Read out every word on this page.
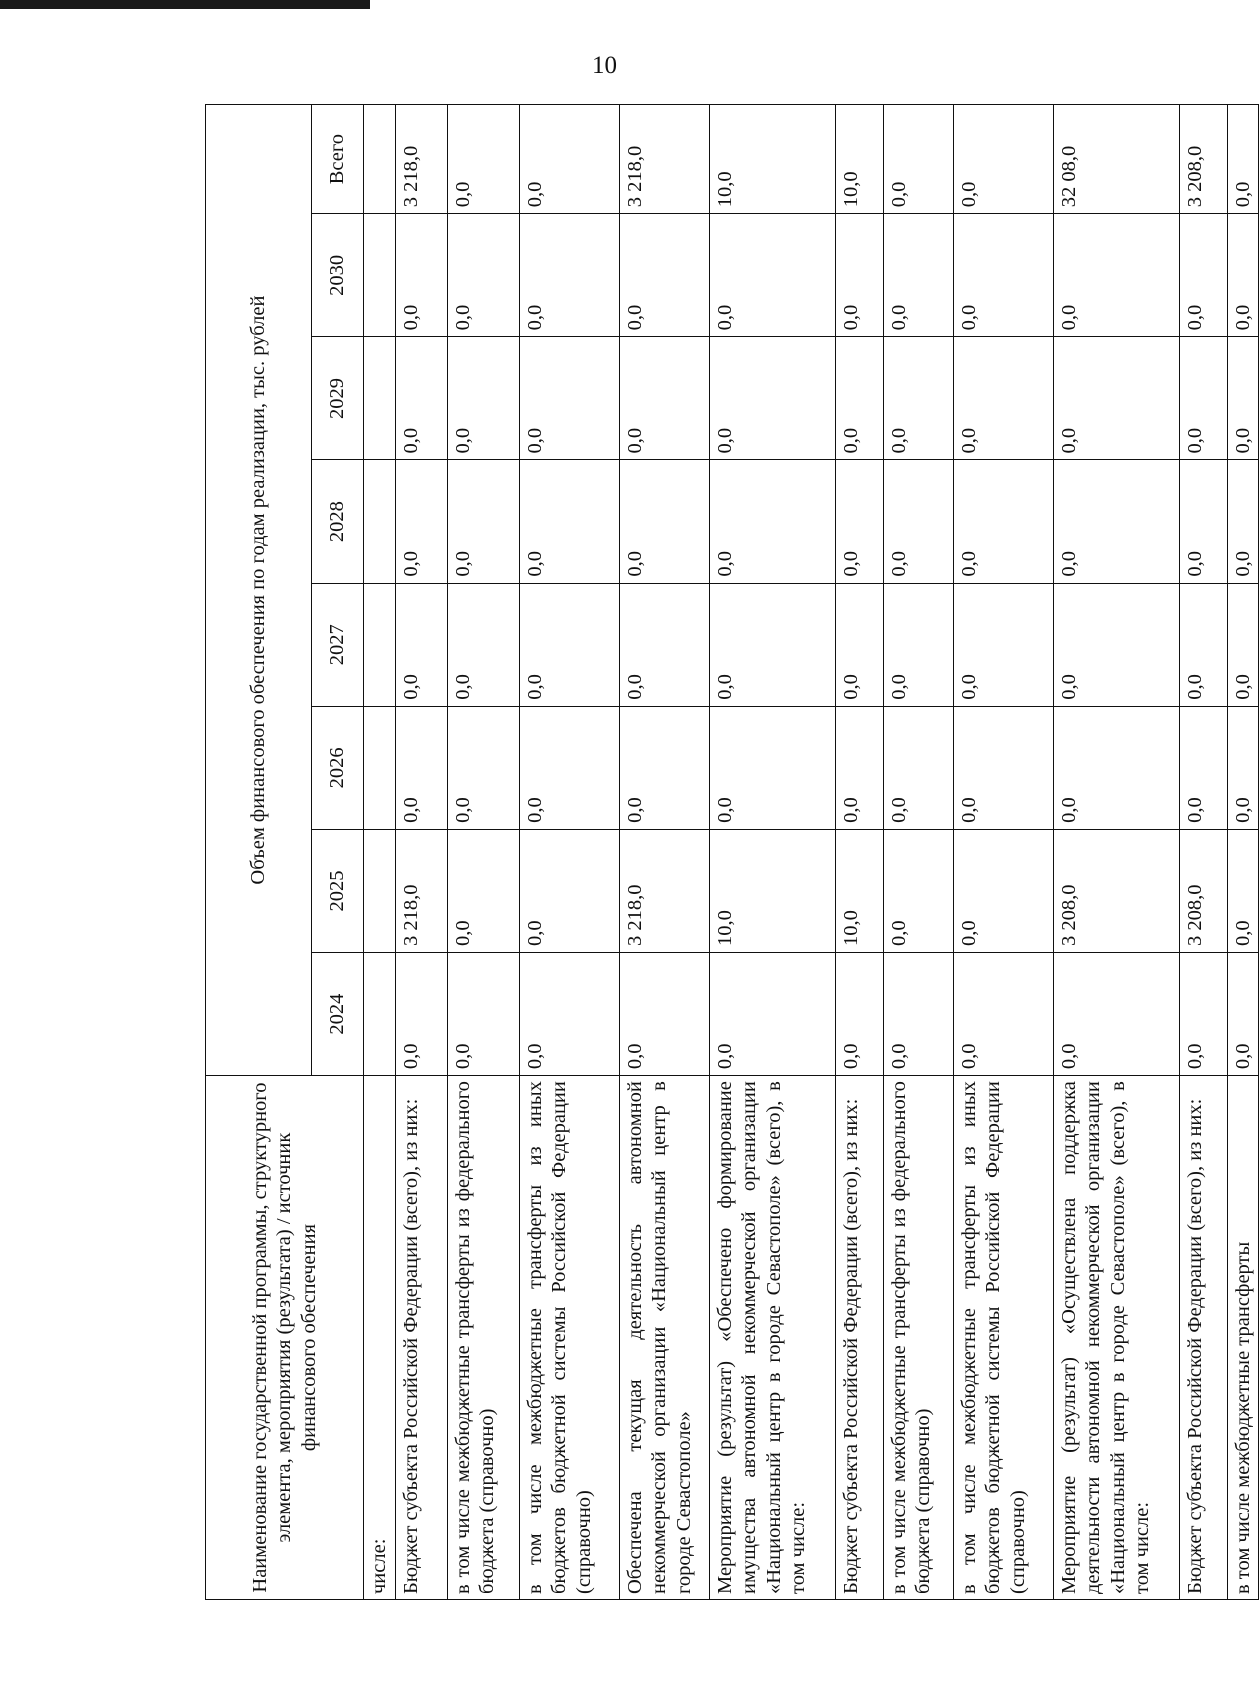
10
Наименование государственной программы, структурного элемента, мероприятия (результата) / источник финансового обеспечения	Объем финансового обеспечения по годам реализации, тыс. рублей							
	2024	2025	2026	2027	2028	2029	2030	Всего
числе:								
Бюджет субъекта Российской Федерации (всего), из них:	0,0	3 218,0	0,0	0,0	0,0	0,0	0,0	3 218,0
в том числе межбюджетные трансферты из федерального бюджета (справочно)	0,0	0,0	0,0	0,0	0,0	0,0	0,0	0,0
в том числе межбюджетные трансферты из иных бюджетов бюджетной системы Российской Федерации (справочно)	0,0	0,0	0,0	0,0	0,0	0,0	0,0	0,0
Обеспечена текущая деятельность автономной некоммерческой организации «Национальный центр в городе Севастополе»	0,0	3 218,0	0,0	0,0	0,0	0,0	0,0	3 218,0
Мероприятие (результат) «Обеспечено формирование имущества автономной некоммерческой организации «Национальный центр в городе Севастополе» (всего), в том числе:	0,0	10,0	0,0	0,0	0,0	0,0	0,0	10,0
Бюджет субъекта Российской Федерации (всего), из них:	0,0	10,0	0,0	0,0	0,0	0,0	0,0	10,0
в том числе межбюджетные трансферты из федерального бюджета (справочно)	0,0	0,0	0,0	0,0	0,0	0,0	0,0	0,0
в том числе межбюджетные трансферты из иных бюджетов бюджетной системы Российской Федерации (справочно)	0,0	0,0	0,0	0,0	0,0	0,0	0,0	0,0
Мероприятие (результат) «Осуществлена поддержка деятельности автономной некоммерческой организации «Национальный центр в городе Севастополе» (всего), в том числе:	0,0	3 208,0	0,0	0,0	0,0	0,0	0,0	32 08,0
Бюджет субъекта Российской Федерации (всего), из них:	0,0	3 208,0	0,0	0,0	0,0	0,0	0,0	3 208,0
в том числе межбюджетные трансферты	0,0	0,0	0,0	0,0	0,0	0,0	0,0	0,0
